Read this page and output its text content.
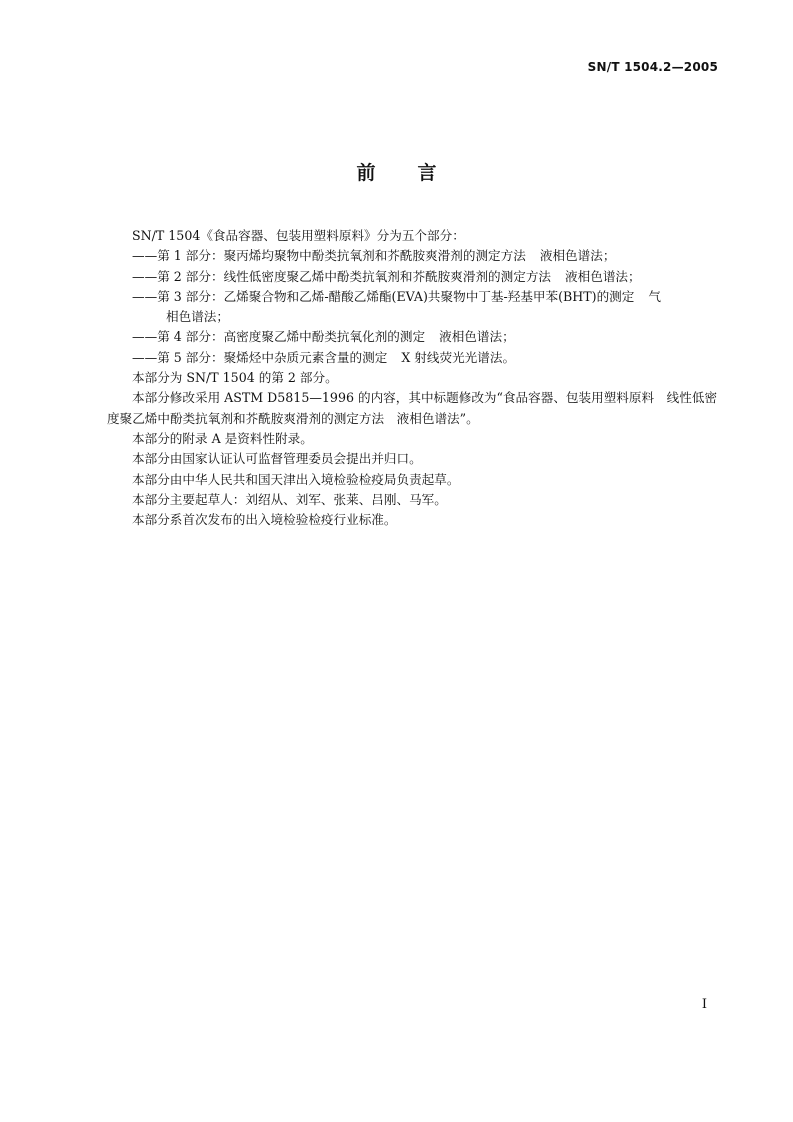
SN/T 1504.2—2005
前 言

SN/T 1504《食品容器、包装用塑料原料》分为五个部分：

——第 1 部分：聚丙烯均聚物中酚类抗氧剂和芥酰胺爽滑剂的测定方法 液相色谱法；

——第 2 部分：线性低密度聚乙烯中酚类抗氧剂和芥酰胺爽滑剂的测定方法 液相色谱法；

——第 3 部分：乙烯聚合物和乙烯-醋酸乙烯酯(EVA)共聚物中丁基-羟基甲苯(BHT)的测定 气
相色谱法；

——第 4 部分：高密度聚乙烯中酚类抗氧化剂的测定 液相色谱法；

——第 5 部分：聚烯烃中杂质元素含量的测定 X 射线荧光光谱法。

本部分为 SN/T 1504 的第 2 部分。

本部分修改采用 ASTM D5815—1996 的内容，其中标题修改为“食品容器、包装用塑料原料　线性低密度聚乙烯中酚类抗氧剂和芥酰胺爽滑剂的测定方法　液相色谱法”。

本部分的附录 A 是资料性附录。

本部分由国家认证认可监督管理委员会提出并归口。

本部分由中华人民共和国天津出入境检验检疫局负责起草。

本部分主要起草人：刘绍从、刘军、张莱、吕刚、马军。

本部分系首次发布的出入境检验检疫行业标准。

I
